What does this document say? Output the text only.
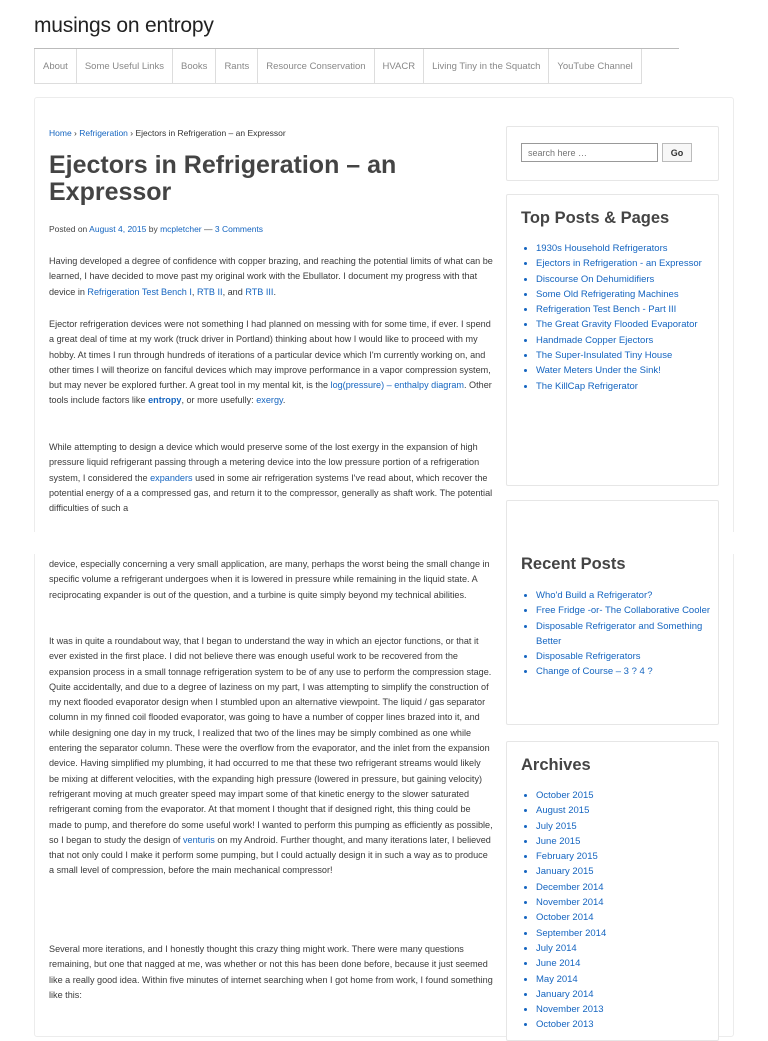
musings on entropy
About	Some Useful Links	Books	Rants	Resource Conservation	HVACR	Living Tiny in the Squatch	YouTube Channel
Home › Refrigeration › Ejectors in Refrigeration – an Expressor
Ejectors in Refrigeration – an Expressor
Posted on August 4, 2015 by mcpletcher — 3 Comments

Having developed a degree of confidence with copper brazing, and reaching the potential limits of what can be learned, I have decided to move past my original work with the Ebullator. I document my progress with that device in Refrigeration Test Bench I, RTB II, and RTB III.

Ejector refrigeration devices were not something I had planned on messing with for some time, if ever. I spend a great deal of time at my work (truck driver in Portland) thinking about how I would like to proceed with my hobby. At times I run through hundreds of iterations of a particular device which I'm currently working on, and other times I will theorize on fanciful devices which may improve performance in a vapor compression system, but may never be explored further. A great tool in my mental kit, is the log(pressure) – enthalpy diagram. Other tools include factors like entropy, or more usefully: exergy.

While attempting to design a device which would preserve some of the lost exergy in the expansion of high pressure liquid refrigerant passing through a metering device into the low pressure portion of a refrigeration system, I considered the expanders used in some air refrigeration systems I've read about, which recover the potential energy of a a compressed gas, and return it to the compressor, generally as shaft work. The potential difficulties of such a

device, especially concerning a very small application, are many, perhaps the worst being the small change in specific volume a refrigerant undergoes when it is lowered in pressure while remaining in the liquid state. A reciprocating expander is out of the question, and a turbine is quite simply beyond my technical abilities.

It was in quite a roundabout way, that I began to understand the way in which an ejector functions, or that it ever existed in the first place. I did not believe there was enough useful work to be recovered from the expansion process in a small tonnage refrigeration system to be of any use to perform the compression stage. Quite accidentally, and due to a degree of laziness on my part, I was attempting to simplify the construction of my next flooded evaporator design when I stumbled upon an alternative viewpoint. The liquid / gas separator column in my finned coil flooded evaporator, was going to have a number of copper lines brazed into it, and while designing one day in my truck, I realized that two of the lines may be simply combined as one while entering the separator column. These were the overflow from the evaporator, and the inlet from the expansion device. Having simplified my plumbing, it had occurred to me that these two refrigerant streams would likely be mixing at different velocities, with the expanding high pressure (lowered in pressure, but gaining velocity) refrigerant moving at much greater speed may impart some of that kinetic energy to the slower saturated refrigerant coming from the evaporator. At that moment I thought that if designed right, this thing could be made to pump, and therefore do some useful work! I wanted to perform this pumping as efficiently as possible, so I began to study the design of venturis on my Android. Further thought, and many iterations later, I believed that not only could I make it perform some pumping, but I could actually design it in such a way as to produce a small level of compression, before the main mechanical compressor!

Several more iterations, and I honestly thought this crazy thing might work. There were many questions remaining, but one that nagged at me, was whether or not this has been done before, because it just seemed like a really good idea. Within five minutes of internet searching when I got home from work, I found something like this:

search here …
Go
Top Posts & Pages
• 1930s Household Refrigerators
• Ejectors in Refrigeration - an Expressor
• Discourse On Dehumidifiers
• Some Old Refrigerating Machines
• Refrigeration Test Bench - Part III
• The Great Gravity Flooded Evaporator
• Handmade Copper Ejectors
• The Super-Insulated Tiny House
• Water Meters Under the Sink!
• The KillCap Refrigerator
Recent Posts
• Who'd Build a Refrigerator?
• Free Fridge -or- The Collaborative Cooler
• Disposable Refrigerator and Something Better
• Disposable Refrigerators
• Change of Course – 3 ? 4 ?
Archives
• October 2015
• August 2015
• July 2015
• June 2015
• February 2015
• January 2015
• December 2014
• November 2014
• October 2014
• September 2014
• July 2014
• June 2014
• May 2014
• January 2014
• November 2013
• October 2013
